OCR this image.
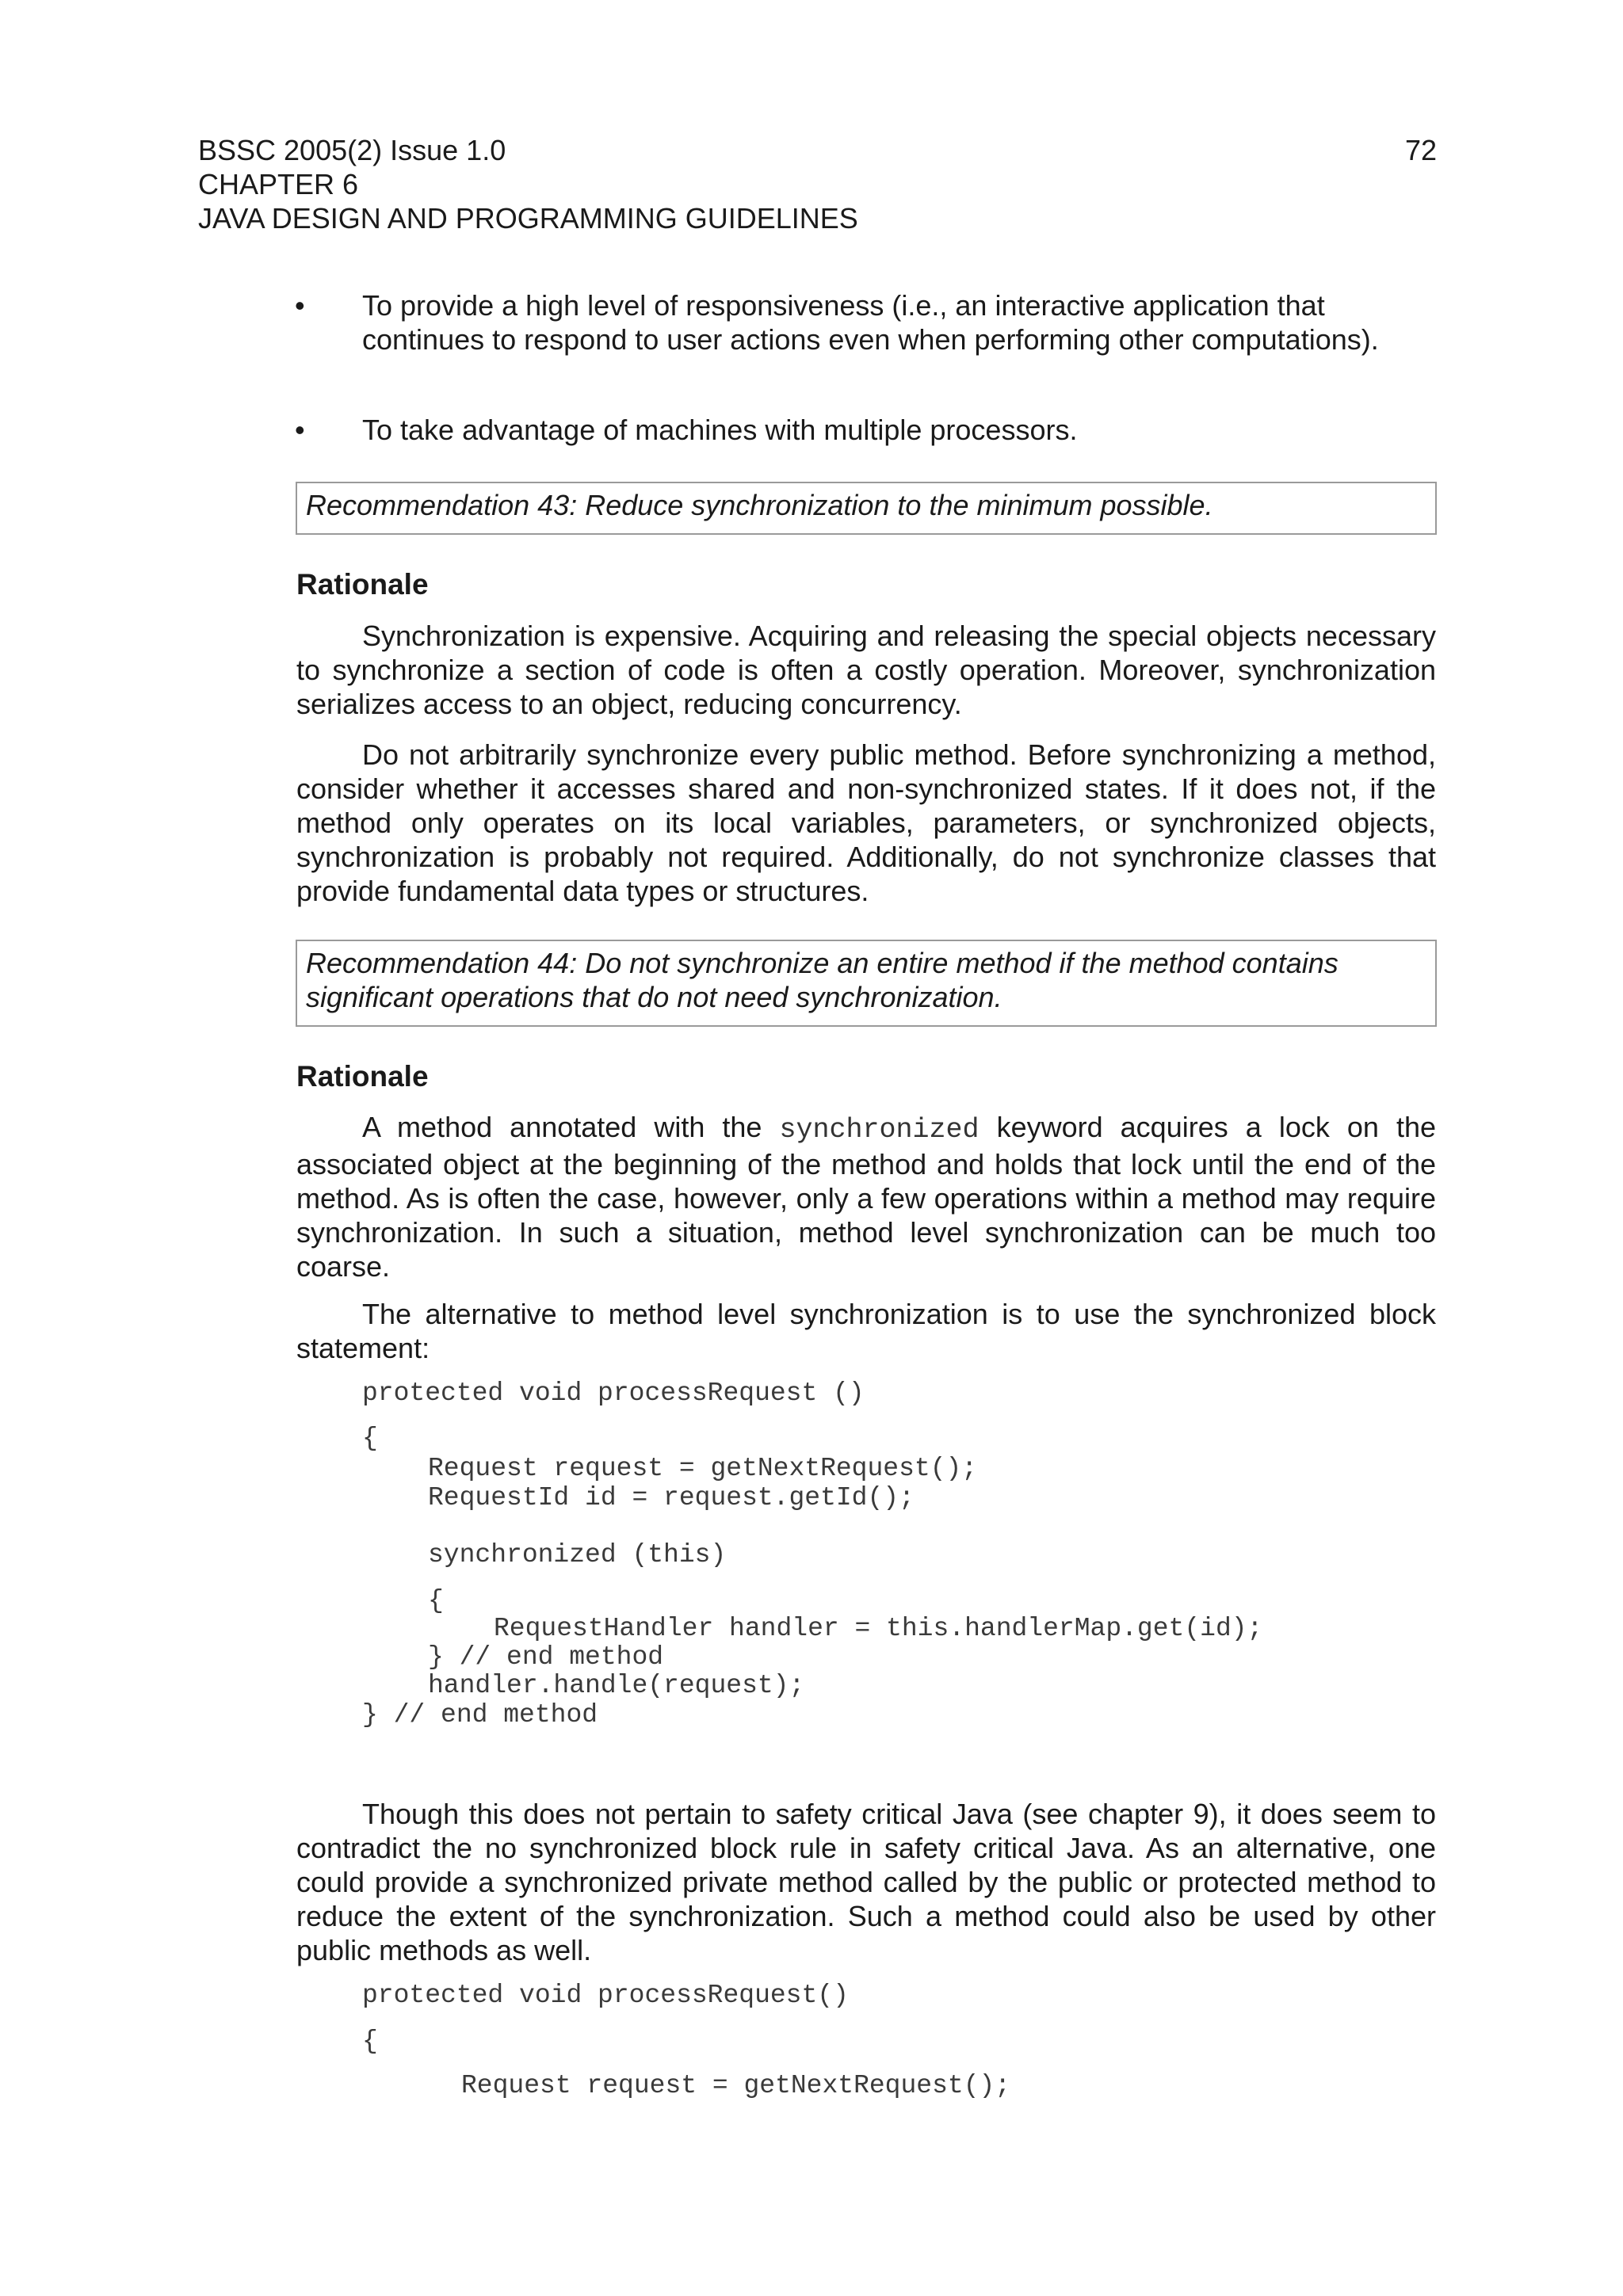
BSSC 2005(2) Issue 1.0
CHAPTER 6
JAVA DESIGN AND PROGRAMMING GUIDELINES
72
• To provide a high level of responsiveness (i.e., an interactive application that continues to respond to user actions even when performing other computations).
• To take advantage of machines with multiple processors.
Recommendation 43: Reduce synchronization to the minimum possible.
Rationale
Synchronization is expensive. Acquiring and releasing the special objects necessary to synchronize a section of code is often a costly operation. Moreover, synchronization serializes access to an object, reducing concurrency.
Do not arbitrarily synchronize every public method. Before synchronizing a method, consider whether it accesses shared and non-synchronized states. If it does not, if the method only operates on its local variables, parameters, or synchronized objects, synchronization is probably not required. Additionally, do not synchronize classes that provide fundamental data types or structures.
Recommendation 44: Do not synchronize an entire method if the method contains significant operations that do not need synchronization.
Rationale
A method annotated with the synchronized keyword acquires a lock on the associated object at the beginning of the method and holds that lock until the end of the method. As is often the case, however, only a few operations within a method may require synchronization. In such a situation, method level synchronization can be much too coarse.
The alternative to method level synchronization is to use the synchronized block statement:
protected void processRequest ()
{
Request request = getNextRequest();
RequestId id = request.getId();
synchronized (this)
{
RequestHandler handler = this.handlerMap.get(id);
} // end method
handler.handle(request);
} // end method
Though this does not pertain to safety critical Java (see chapter 9), it does seem to contradict the no synchronized block rule in safety critical Java. As an alternative, one could provide a synchronized private method called by the public or protected method to reduce the extent of the synchronization. Such a method could also be used by other public methods as well.
protected void processRequest()
{
Request request = getNextRequest();
